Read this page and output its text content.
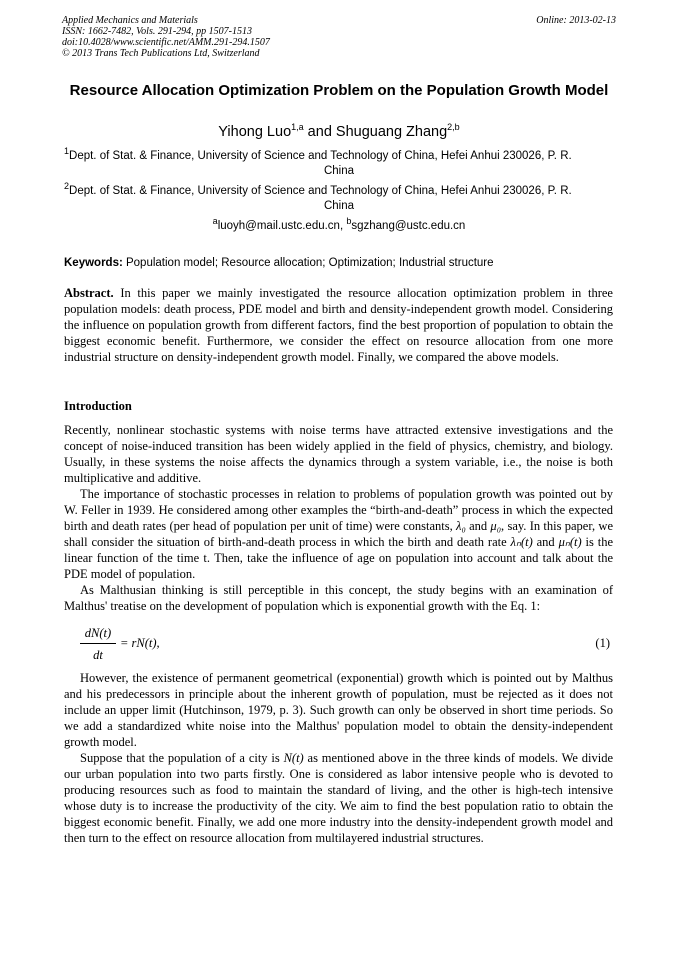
Applied Mechanics and Materials
ISSN: 1662-7482, Vols. 291-294, pp 1507-1513
doi:10.4028/www.scientific.net/AMM.291-294.1507
© 2013 Trans Tech Publications Ltd, Switzerland
Online: 2013-02-13
Resource Allocation Optimization Problem on the Population Growth Model
Yihong Luo$^{1,a}$ and Shuguang Zhang$^{2,b}$
$^1$Dept. of Stat. & Finance, University of Science and Technology of China, Hefei Anhui 230026, P. R.
China
$^2$Dept. of Stat. & Finance, University of Science and Technology of China, Hefei Anhui 230026, P. R.
China
$^a$luoyh@mail.ustc.edu.cn, $^b$sgzhang@ustc.edu.cn
Keywords: Population model; Resource allocation; Optimization; Industrial structure

Abstract. In this paper we mainly investigated the resource allocation optimization problem in three population models: death process, PDE model and birth and density-independent growth model. Considering the influence on population growth from different factors, find the best proportion of population to obtain the biggest economic benefit. Furthermore, we consider the effect on resource allocation from one more industrial structure on density-independent growth model. Finally, we compared the above models.

Introduction

Recently, nonlinear stochastic systems with noise terms have attracted extensive investigations and the concept of noise-induced transition has been widely applied in the field of physics, chemistry, and biology. Usually, in these systems the noise affects the dynamics through a system variable, i.e., the noise is both multiplicative and additive.

The importance of stochastic processes in relation to problems of population growth was pointed out by W. Feller in 1939. He considered among other examples the “birth-and-death” process in which the expected birth and death rates (per head of population per unit of time) were constants, λ₀ and μ₀, say. In this paper, we shall consider the situation of birth-and-death process in which the birth and death rate λₙ(t) and μₙ(t) is the linear function of the time t. Then, take the influence of age on population into account and talk about the PDE model of population.

As Malthusian thinking is still perceptible in this concept, the study begins with an examination of Malthus' treatise on the development of population which is exponential growth with the Eq. 1:

$\frac{dN(t)}{dt} = rN(t)$,	(1)

However, the existence of permanent geometrical (exponential) growth which is pointed out by Malthus and his predecessors in principle about the inherent growth of population, must be rejected as it does not include an upper limit (Hutchinson, 1979, p. 3). Such growth can only be observed in short time periods. So we add a standardized white noise into the Malthus' population model to obtain the density-independent growth model.

Suppose that the population of a city is N(t) as mentioned above in the three kinds of models. We divide our urban population into two parts firstly. One is considered as labor intensive people who is devoted to producing resources such as food to maintain the standard of living, and the other is high-tech intensive whose duty is to increase the productivity of the city. We aim to find the best population ratio to obtain the biggest economic benefit. Finally, we add one more industry into the density-independent growth model and then turn to the effect on resource allocation from multilayered industrial structures.
